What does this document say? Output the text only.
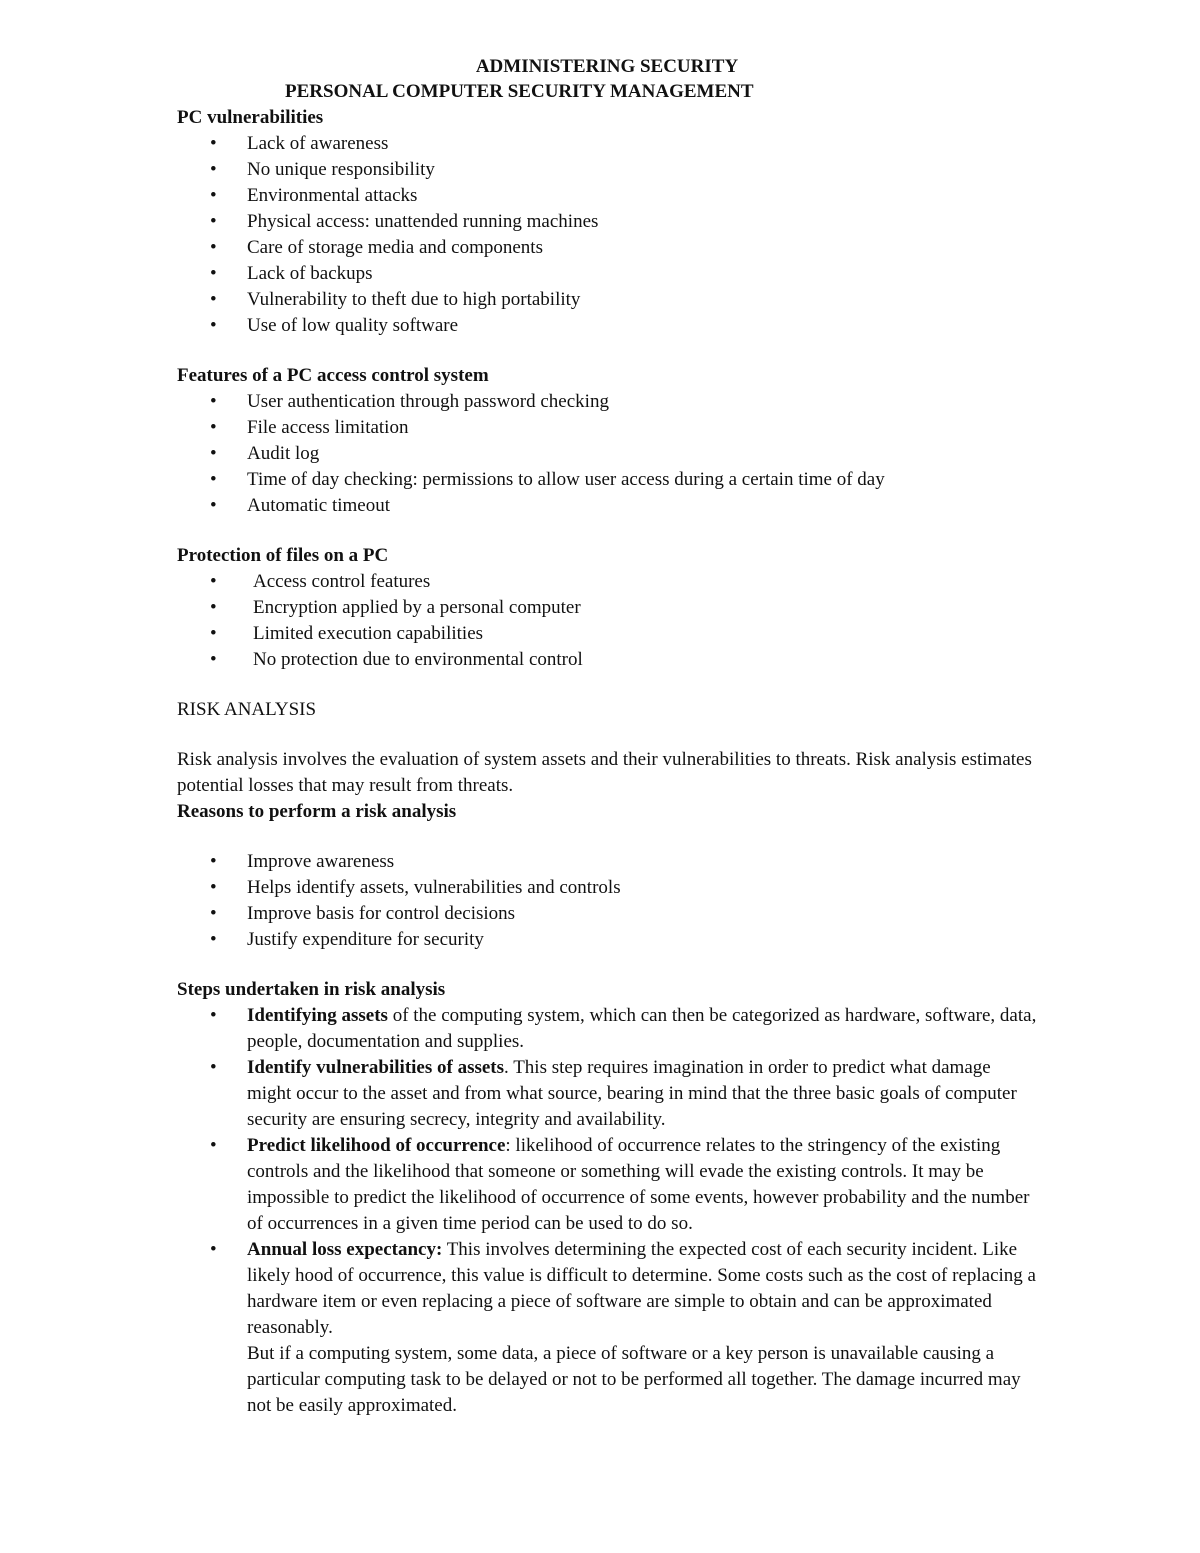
ADMINISTERING SECURITY

PERSONAL COMPUTER SECURITY MANAGEMENT

PC vulnerabilities

• Lack of awareness
• No unique responsibility
• Environmental attacks
• Physical access: unattended running machines
• Care of storage media and components
• Lack of backups
• Vulnerability to theft due to high portability
• Use of low quality software

Features of a PC access control system

• User authentication through password checking
• File access limitation
• Audit log
• Time of day checking: permissions to allow user access during a certain time of day
• Automatic timeout

Protection of files on a PC

• Access control features
• Encryption applied by a personal computer
• Limited execution capabilities
• No protection due to environmental control

RISK ANALYSIS

Risk analysis involves the evaluation of system assets and their vulnerabilities to threats. Risk analysis estimates potential losses that may result from threats.

Reasons to perform a risk analysis

• Improve awareness
• Helps identify assets, vulnerabilities and controls
• Improve basis for control decisions
• Justify expenditure for security

Steps undertaken in risk analysis

• Identifying assets of the computing system, which can then be categorized as hardware, software, data, people, documentation and supplies.
• Identify vulnerabilities of assets. This step requires imagination in order to predict what damage might occur to the asset and from what source, bearing in mind that the three basic goals of computer security are ensuring secrecy, integrity and availability.
• Predict likelihood of occurrence: likelihood of occurrence relates to the stringency of the existing controls and the likelihood that someone or something will evade the existing controls. It may be impossible to predict the likelihood of occurrence of some events, however probability and the number of occurrences in a given time period can be used to do so.
• Annual loss expectancy: This involves determining the expected cost of each security incident. Like likely hood of occurrence, this value is difficult to determine. Some costs such as the cost of replacing a hardware item or even replacing a piece of software are simple to obtain and can be approximated reasonably.
But if a computing system, some data, a piece of software or a key person is unavailable causing a particular computing task to be delayed or not to be performed all together. The damage incurred may not be easily approximated.
